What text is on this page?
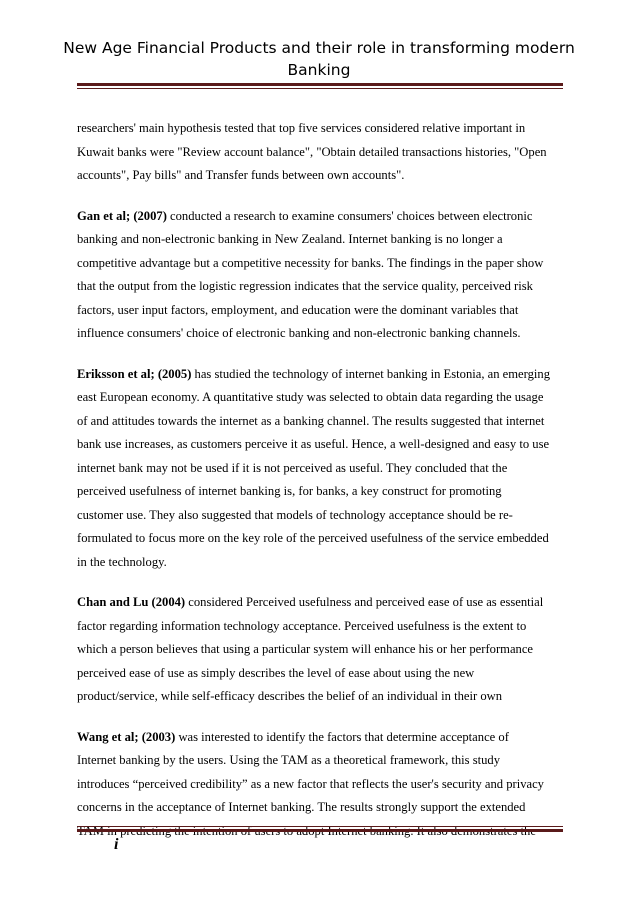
New Age Financial Products and their role in transforming modern Banking

researchers' main hypothesis tested that top five services considered relative important in
Kuwait banks were "Review account balance", "Obtain detailed transactions histories, "Open
accounts", Pay bills" and Transfer funds between own accounts".

Gan et al; (2007) conducted a research to examine consumers' choices between electronic
banking and non-electronic banking in New Zealand. Internet banking is no longer a
competitive advantage but a competitive necessity for banks. The findings in the paper show
that the output from the logistic regression indicates that the service quality, perceived risk
factors, user input factors, employment, and education were the dominant variables that
influence consumers' choice of electronic banking and non-electronic banking channels.

Eriksson et al; (2005) has studied the technology of internet banking in Estonia, an emerging
east European economy. A quantitative study was selected to obtain data regarding the usage
of and attitudes towards the internet as a banking channel. The results suggested that internet
bank use increases, as customers perceive it as useful. Hence, a well-designed and easy to use
internet bank may not be used if it is not perceived as useful. They concluded that the
perceived usefulness of internet banking is, for banks, a key construct for promoting
customer use. They also suggested that models of technology acceptance should be re-
formulated to focus more on the key role of the perceived usefulness of the service embedded
in the technology.

Chan and Lu (2004) considered Perceived usefulness and perceived ease of use as essential
factor regarding information technology acceptance. Perceived usefulness is the extent to
which a person believes that using a particular system will enhance his or her performance
perceived ease of use as simply describes the level of ease about using the new
product/service, while self-efficacy describes the belief of an individual in their own

Wang et al; (2003) was interested to identify the factors that determine acceptance of
Internet banking by the users. Using the TAM as a theoretical framework, this study
introduces “perceived credibility” as a new factor that reflects the user's security and privacy
concerns in the acceptance of Internet banking. The results strongly support the extended

i
